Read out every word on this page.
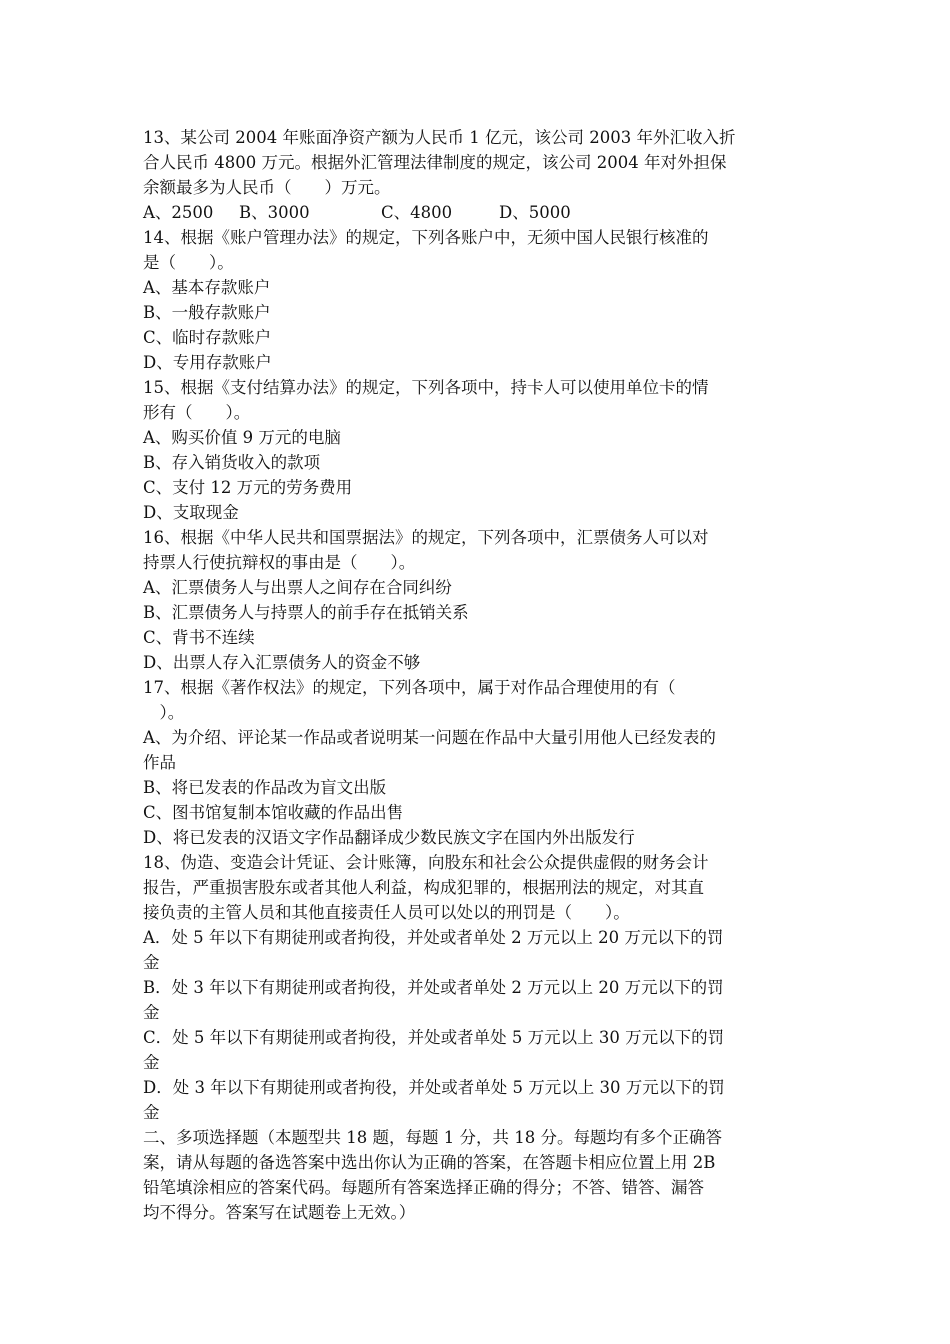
13、某公司 2004 年账面净资产额为人民币 1 亿元，该公司 2003 年外汇收入折
合人民币 4800 万元。根据外汇管理法律制度的规定，该公司 2004 年对外担保
余额最多为人民币（　　）万元。
A、2500	B、3000	C、4800	D、5000
14、根据《账户管理办法》的规定，下列各账户中，无须中国人民银行核准的
是（　　）。
A、基本存款账户
B、一般存款账户
C、临时存款账户
D、专用存款账户
15、根据《支付结算办法》的规定，下列各项中，持卡人可以使用单位卡的情
形有（　　）。
A、购买价值 9 万元的电脑
B、存入销货收入的款项
C、支付 12 万元的劳务费用
D、支取现金
16、根据《中华人民共和国票据法》的规定，下列各项中，汇票债务人可以对
持票人行使抗辩权的事由是（　　）。
A、汇票债务人与出票人之间存在合同纠纷
B、汇票债务人与持票人的前手存在抵销关系
C、背书不连续
D、出票人存入汇票债务人的资金不够
17、根据《著作权法》的规定，下列各项中，属于对作品合理使用的有（
　）。
A、为介绍、评论某一作品或者说明某一问题在作品中大量引用他人已经发表的
作品
B、将已发表的作品改为盲文出版
C、图书馆复制本馆收藏的作品出售
D、将已发表的汉语文字作品翻译成少数民族文字在国内外出版发行
18、伪造、变造会计凭证、会计账簿，向股东和社会公众提供虚假的财务会计
报告，严重损害股东或者其他人利益，构成犯罪的，根据刑法的规定，对其直
接负责的主管人员和其他直接责任人员可以处以的刑罚是（　　）。
A．处 5 年以下有期徒刑或者拘役，并处或者单处 2 万元以上 20 万元以下的罚
金
B．处 3 年以下有期徒刑或者拘役，并处或者单处 2 万元以上 20 万元以下的罚
金
C．处 5 年以下有期徒刑或者拘役，并处或者单处 5 万元以上 30 万元以下的罚
金
D．处 3 年以下有期徒刑或者拘役，并处或者单处 5 万元以上 30 万元以下的罚
金
二、多项选择题（本题型共 18 题，每题 1 分，共 18 分。每题均有多个正确答
案，请从每题的备选答案中选出你认为正确的答案，在答题卡相应位置上用 2B
铅笔填涂相应的答案代码。每题所有答案选择正确的得分；不答、错答、漏答
均不得分。答案写在试题卷上无效。）
